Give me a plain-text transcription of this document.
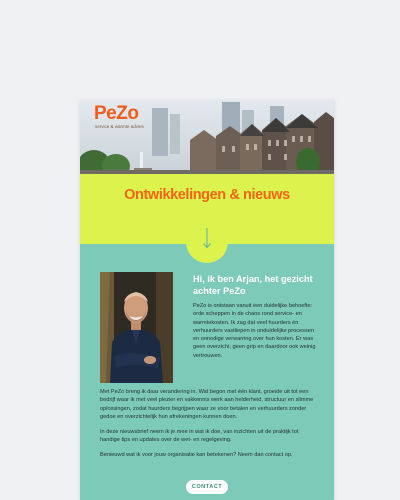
PeZo
service & warmte advies
Ontwikkelingen & nieuws
Hi, ik ben Arjan, het gezicht achter PeZo

PeZo is ontstaan vanuit een duidelijke behoefte: orde scheppen in de chaos rond service- en warmtekosten. Ik zag dat veel huurders én verhuurders vastliepen in onduidelijke processen en onnodige verwarring over hun kosten. Er was geen overzicht, geen grip en daardoor ook weinig vertrouwen.

Met PeZo breng ik daar verandering in. Wat begon met één klant, groeide uit tot een bedrijf waar ik met veel plezier en vakkennis werk aan helderheid, structuur en slimme oplossingen, zodat huurders begrijpen waar ze voor betalen en verhuurders zonder gedoe en overzichtelijk hun afrekeningen kunnen doen.

In deze nieuwsbrief neem ik je mee in wat ik doe, van inzichten uit de praktijk tot handige tips en updates over de wet- en regelgeving.

Benieuwd wat ik voor jouw organisatie kan betekenen? Neem dan contact op.

CONTACT
